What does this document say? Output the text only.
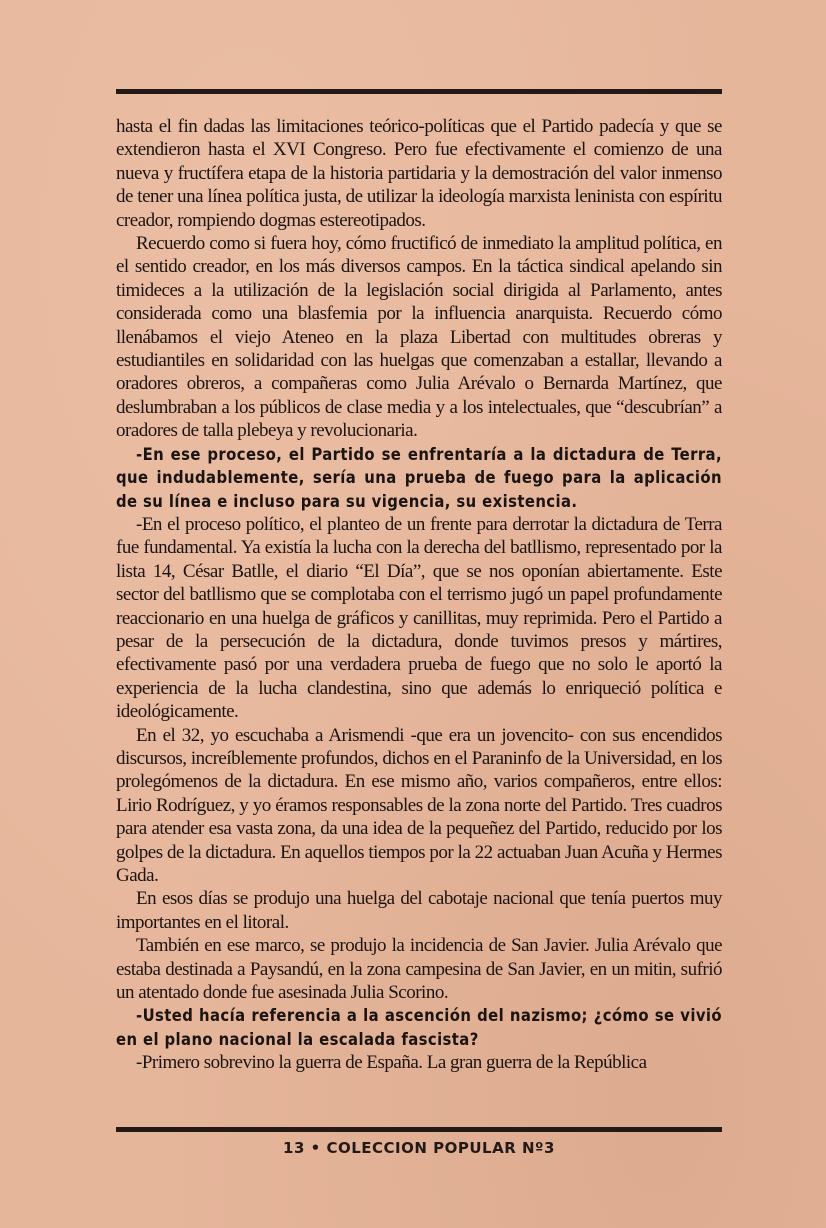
hasta el fin dadas las limitaciones teórico-políticas que el Partido padecía y que se extendieron hasta el XVI Congreso. Pero fue efectivamente el comienzo de una nueva y fructífera etapa de la historia partidaria y la demostración del valor inmenso de tener una línea política justa, de utilizar la ideología marxista leninista con espíritu creador, rompiendo dogmas estereotipados.

Recuerdo como si fuera hoy, cómo fructificó de inmediato la amplitud política, en el sentido creador, en los más diversos campos. En la táctica sindical apelando sin timideces a la utilización de la legislación social dirigida al Parlamento, antes considerada como una blasfemia por la influencia anarquista. Recuerdo cómo llenábamos el viejo Ateneo en la plaza Libertad con multitudes obreras y estudiantiles en solidaridad con las huelgas que comenzaban a estallar, llevando a oradores obreros, a compañeras como Julia Arévalo o Bernarda Martínez, que deslumbraban a los públicos de clase media y a los intelectuales, que “descubrían” a oradores de talla plebeya y revolucionaria.

-En ese proceso, el Partido se enfrentaría a la dictadura de Terra, que indudablemente, sería una prueba de fuego para la aplicación de su línea e incluso para su vigencia, su existencia.

-En el proceso político, el planteo de un frente para derrotar la dictadura de Terra fue fundamental. Ya existía la lucha con la derecha del batllismo, representado por la lista 14, César Batlle, el diario “El Día”, que se nos oponían abiertamente. Este sector del batllismo que se complotaba con el terrismo jugó un papel profundamente reaccionario en una huelga de gráficos y canillitas, muy reprimida. Pero el Partido a pesar de la persecución de la dictadura, donde tuvimos presos y mártires, efectivamente pasó por una verdadera prueba de fuego que no solo le aportó la experiencia de la lucha clandestina, sino que además lo enriqueció política e ideológicamente.

En el 32, yo escuchaba a Arismendi -que era un jovencito- con sus encendidos discursos, increíblemente profundos, dichos en el Paraninfo de la Universidad, en los prolegómenos de la dictadura. En ese mismo año, varios compañeros, entre ellos: Lirio Rodríguez, y yo éramos responsables de la zona norte del Partido. Tres cuadros para atender esa vasta zona, da una idea de la pequeñez del Partido, reducido por los golpes de la dictadura. En aquellos tiempos por la 22 actuaban Juan Acuña y Hermes Gada.

En esos días se produjo una huelga del cabotaje nacional que tenía puertos muy importantes en el litoral.

También en ese marco, se produjo la incidencia de San Javier. Julia Arévalo que estaba destinada a Paysandú, en la zona campesina de San Javier, en un mitin, sufrió un atentado donde fue asesinada Julia Scorino.

-Usted hacía referencia a la ascención del nazismo; ¿cómo se vivió en el plano nacional la escalada fascista?

-Primero sobrevino la guerra de España. La gran guerra de la República

13 • COLECCION POPULAR Nº3
